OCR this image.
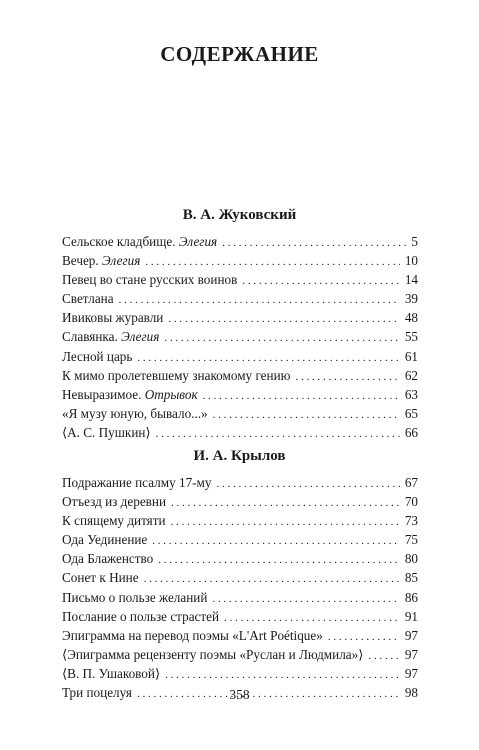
СОДЕРЖАНИЕ
В. А. Жуковский
Сельское кладбище. Элегия . . .	5
Вечер. Элегия . . .	10
Певец во стане русских воинов . . .	14
Светлана . . .	39
Ивиковы журавли . . .	48
Славянка. Элегия . . .	55
Лесной царь . . .	61
К мимо пролетевшему знакомому гению . . .	62
Невыразимое. Отрывок . . .	63
«Я музу юную, бывало...» . . .	65
⟨А. С. Пушкин⟩ . . .	66
И. А. Крылов
Подражание псалму 17-му . . .	67
Отъезд из деревни . . .	70
К спящему дитяти . . .	73
Ода Уединение . . .	75
Ода Блаженство . . .	80
Сонет к Нине . . .	85
Письмо о пользе желаний . . .	86
Послание о пользе страстей . . .	91
Эпиграмма на перевод поэмы «L'Art Poétique» . . .	97
⟨Эпиграмма рецензенту поэмы «Руслан и Людмила»⟩ . . .	97
⟨В. П. Ушаковой⟩ . . .	97
Три поцелуя . . .	98
358
